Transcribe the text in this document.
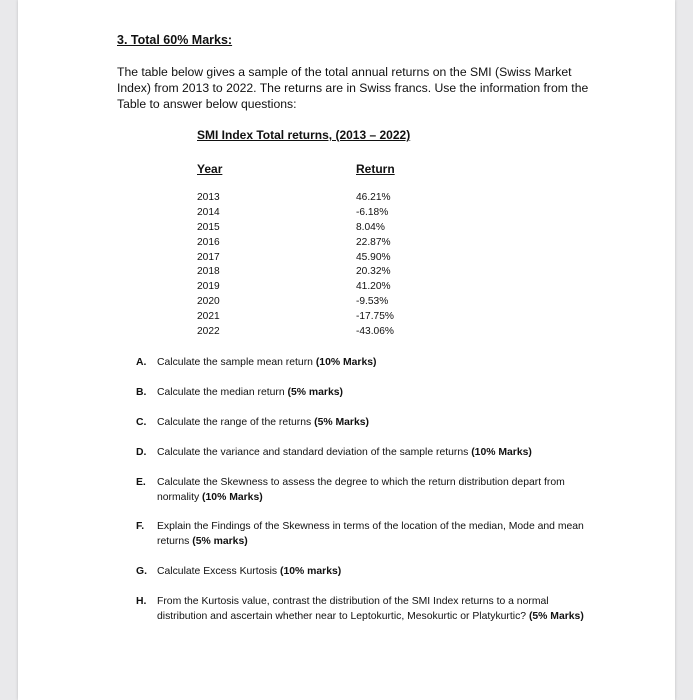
3. Total 60% Marks:
The table below gives a sample of the total annual returns on the SMI (Swiss Market Index) from 2013 to 2022. The returns are in Swiss francs. Use the information from the Table to answer below questions:
SMI Index Total returns, (2013 – 2022)
Year	Return
2013	46.21%
2014	-6.18%
2015	8.04%
2016	22.87%
2017	45.90%
2018	20.32%
2019	41.20%
2020	-9.53%
2021	-17.75%
2022	-43.06%
A. Calculate the sample mean return (10% Marks)
B. Calculate the median return (5% marks)
C. Calculate the range of the returns (5% Marks)
D. Calculate the variance and standard deviation of the sample returns (10% Marks)
E. Calculate the Skewness to assess the degree to which the return distribution depart from normality (10% Marks)
F. Explain the Findings of the Skewness in terms of the location of the median, Mode and mean returns (5% marks)
G. Calculate Excess Kurtosis (10% marks)
H. From the Kurtosis value, contrast the distribution of the SMI Index returns to a normal distribution and ascertain whether near to Leptokurtic, Mesokurtic or Platykurtic? (5% Marks)
